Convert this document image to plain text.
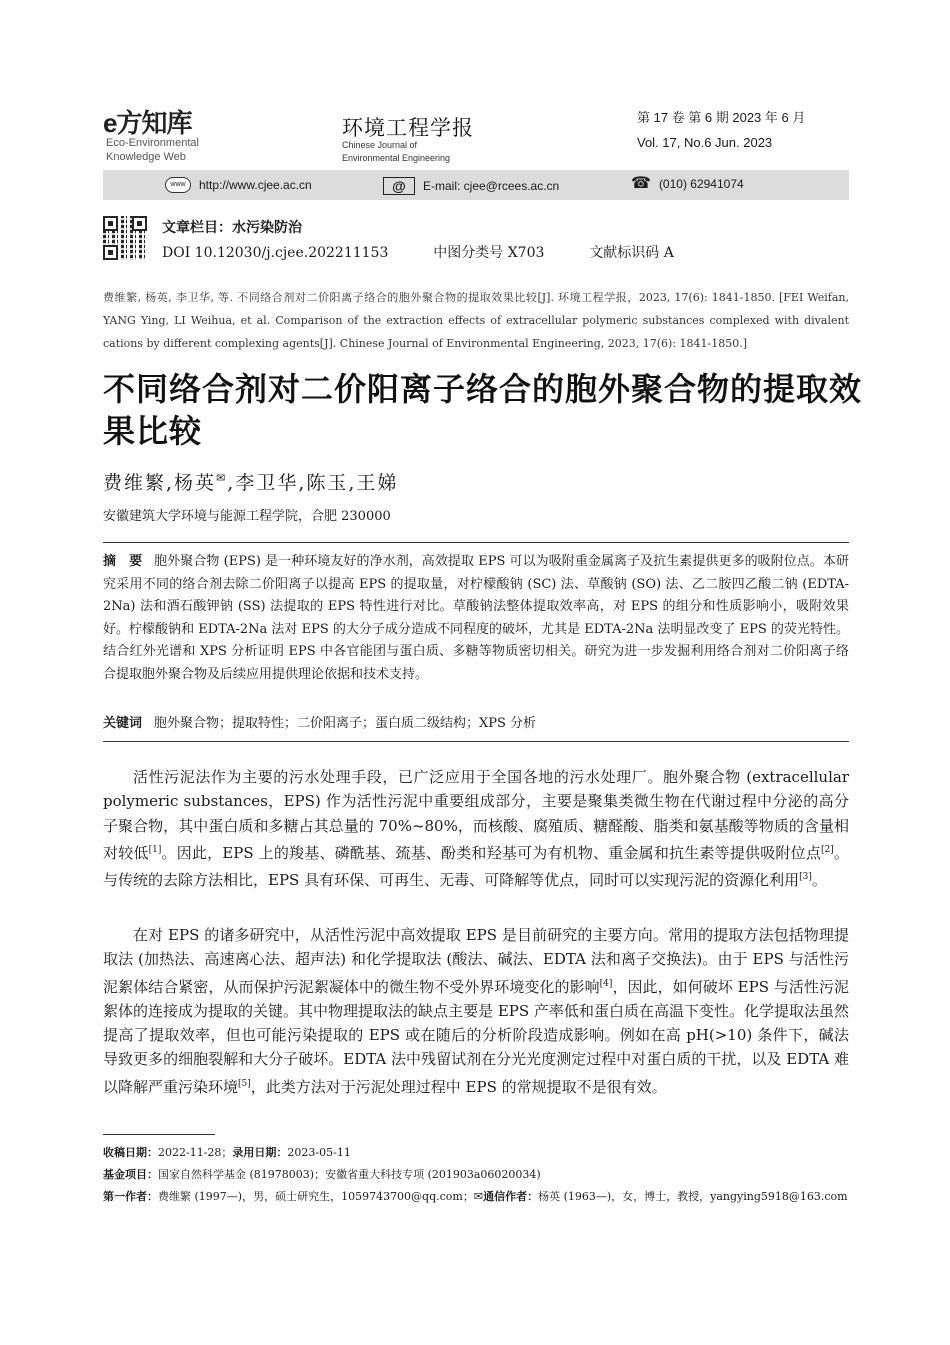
e方知库
Eco-Environmental
Knowledge Web
环境工程学报
Chinese Journal of
Environmental Engineering
第 17 卷 第 6 期 2023 年 6 月
Vol. 17, No.6 Jun. 2023
www	http://www.cjee.ac.cn	@	E-mail: cjee@rcees.ac.cn	☎ (010) 62941074
文章栏目：水污染防治
DOI 10.12030/j.cjee.202211153	中图分类号 X703	文献标识码 A
费维繁, 杨英, 李卫华, 等. 不同络合剂对二价阳离子络合的胞外聚合物的提取效果比较[J]. 环境工程学报，2023, 17(6): 1841-1850. [FEI Weifan, YANG Ying, LI Weihua, et al. Comparison of the extraction effects of extracellular polymeric substances complexed with divalent cations by different complexing agents[J]. Chinese Journal of Environmental Engineering, 2023, 17(6): 1841-1850.]
不同络合剂对二价阳离子络合的胞外聚合物的提取效果比较
费维繁,杨英✉,李卫华,陈玉,王娣
安徽建筑大学环境与能源工程学院，合肥 230000
摘　要 胞外聚合物 (EPS) 是一种环境友好的净水剂，高效提取 EPS 可以为吸附重金属离子及抗生素提供更多的吸附位点。本研究采用不同的络合剂去除二价阳离子以提高 EPS 的提取量，对柠檬酸钠 (SC) 法、草酸钠 (SO) 法、乙二胺四乙酸二钠 (EDTA-2Na) 法和酒石酸钾钠 (SS) 法提取的 EPS 特性进行对比。草酸钠法整体提取效率高，对 EPS 的组分和性质影响小，吸附效果好。柠檬酸钠和 EDTA-2Na 法对 EPS 的大分子成分造成不同程度的破坏，尤其是 EDTA-2Na 法明显改变了 EPS 的荧光特性。结合红外光谱和 XPS 分析证明 EPS 中各官能团与蛋白质、多糖等物质密切相关。研究为进一步发掘利用络合剂对二价阳离子络合提取胞外聚合物及后续应用提供理论依据和技术支持。
关键词 胞外聚合物；提取特性；二价阳离子；蛋白质二级结构；XPS 分析
活性污泥法作为主要的污水处理手段，已广泛应用于全国各地的污水处理厂。胞外聚合物 (extracellular polymeric substances，EPS) 作为活性污泥中重要组成部分，主要是聚集类微生物在代谢过程中分泌的高分子聚合物，其中蛋白质和多糖占其总量的 70%~80%，而核酸、腐殖质、糖醛酸、脂类和氨基酸等物质的含量相对较低[1]。因此，EPS 上的羧基、磷酰基、巯基、酚类和羟基可为有机物、重金属和抗生素等提供吸附位点[2]。与传统的去除方法相比，EPS 具有环保、可再生、无毒、可降解等优点，同时可以实现污泥的资源化利用[3]。
在对 EPS 的诸多研究中，从活性污泥中高效提取 EPS 是目前研究的主要方向。常用的提取方法包括物理提取法 (加热法、高速离心法、超声法) 和化学提取法 (酸法、碱法、EDTA 法和离子交换法)。由于 EPS 与活性污泥絮体结合紧密，从而保护污泥絮凝体中的微生物不受外界环境变化的影响[4]，因此，如何破坏 EPS 与活性污泥絮体的连接成为提取的关键。其中物理提取法的缺点主要是 EPS 产率低和蛋白质在高温下变性。化学提取法虽然提高了提取效率，但也可能污染提取的 EPS 或在随后的分析阶段造成影响。例如在高 pH(>10) 条件下，碱法导致更多的细胞裂解和大分子破坏。EDTA 法中残留试剂在分光光度测定过程中对蛋白质的干扰，以及 EDTA 难以降解严重污染环境[5]，此类方法对于污泥处理过程中 EPS 的常规提取不是很有效。
收稿日期：2022-11-28；录用日期：2023-05-11
基金项目：国家自然科学基金 (81978003)；安徽省重大科技专项 (201903a06020034)
第一作者：费维繁 (1997—)，男，硕士研究生，1059743700@qq.com；✉通信作者：杨英 (1963—)，女，博士，教授，yangying5918@163.com
